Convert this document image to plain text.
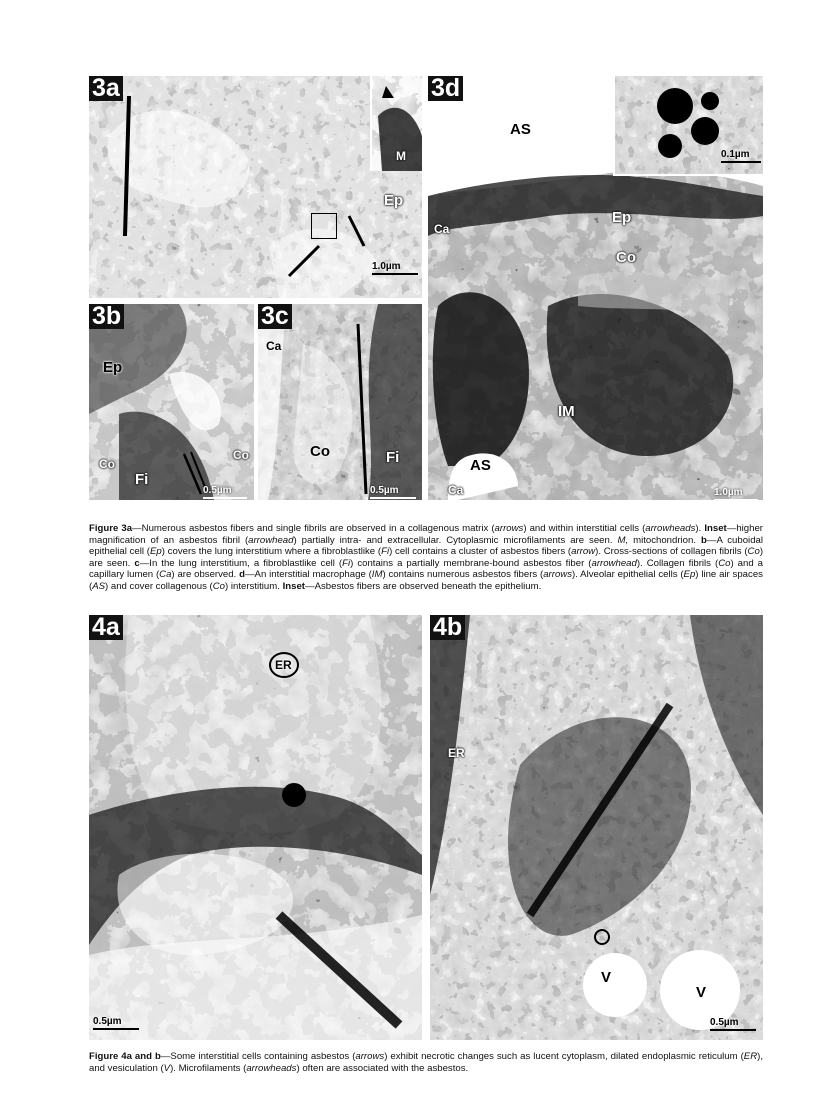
M
3a
Ep
1.0µm
3b
Ep
Co
Fi
Co
0.5µm
3c
Ca
Co	Fi
0.5µm
0.1µm
3d
AS
Ca
Ep
Co
IM
AS
Ca	1.0µm
Figure 3a—Numerous asbestos fibers and single fibrils are observed in a collagenous matrix (arrows) and within interstitial cells (arrowheads). Inset—higher magnification of an asbestos fibril (arrowhead) partially intra- and extracellular. Cytoplasmic microfilaments are seen. M, mitochondrion. b—A cuboidal epithelial cell (Ep) covers the lung interstitium where a fibroblastlike (Fi) cell contains a cluster of asbestos fibers (arrow). Cross-sections of collagen fibrils (Co) are seen. c—In the lung interstitium, a fibroblastlike cell (Fi) contains a partially membrane-bound asbestos fiber (arrowhead). Collagen fibrils (Co) and a capillary lumen (Ca) are observed. d—An interstitial macrophage (IM) contains numerous asbestos fibers (arrows). Alveolar epithelial cells (Ep) line air spaces (AS) and cover collagenous (Co) interstitium. Inset—Asbestos fibers are observed beneath the epithelium.
4a
ER
0.5µm
4b
ER
V
V
0.5µm
Figure 4a and b—Some interstitial cells containing asbestos (arrows) exhibit necrotic changes such as lucent cytoplasm, dilated endoplasmic reticulum (ER), and vesiculation (V). Microfilaments (arrowheads) often are associated with the asbestos.
